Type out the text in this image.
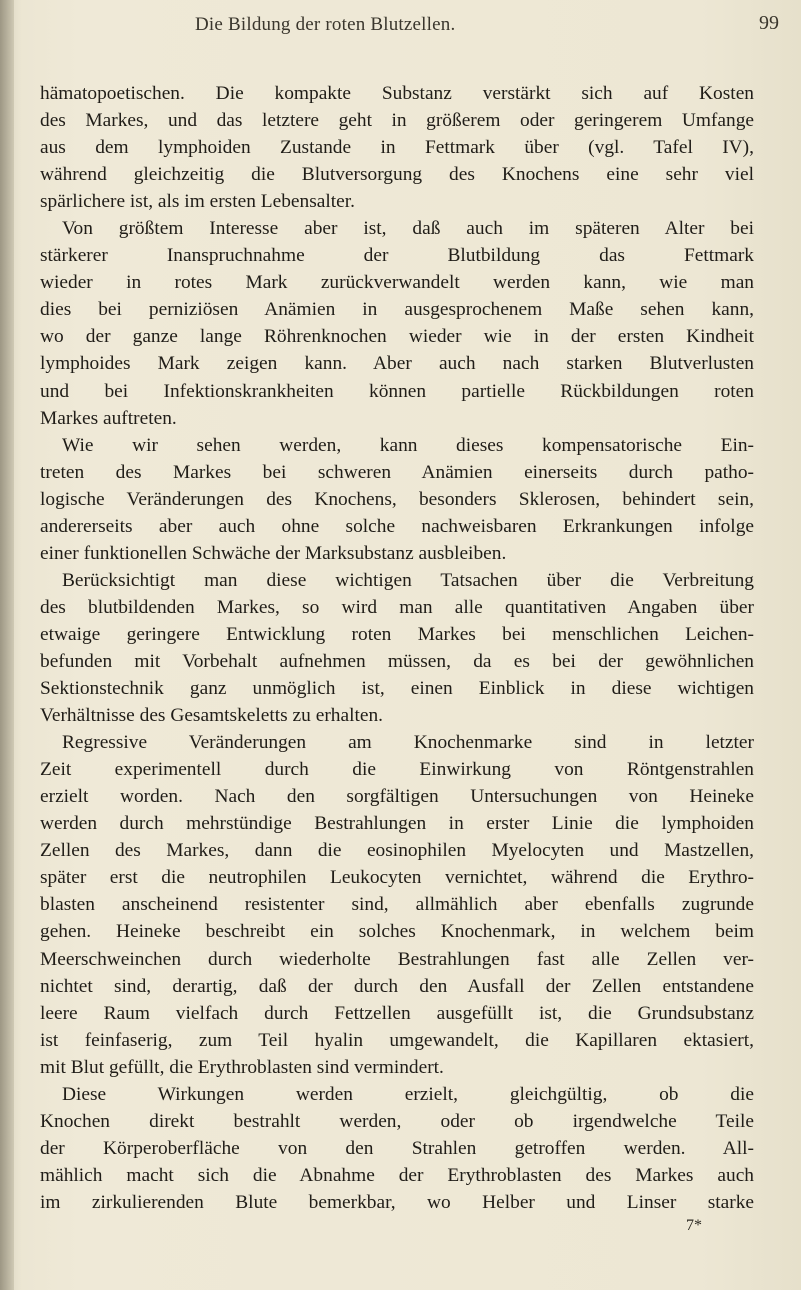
Die Bildung der roten Blutzellen.	99
hämatopoetischen. Die kompakte Substanz verstärkt sich auf Kosten
des Markes, und das letztere geht in größerem oder geringerem Umfange
aus dem lymphoiden Zustande in Fettmark über (vgl. Tafel IV),
während gleichzeitig die Blutversorgung des Knochens eine sehr viel
spärlichere ist, als im ersten Lebensalter.
Von größtem Interesse aber ist, daß auch im späteren Alter bei
stärkerer Inanspruchnahme der Blutbildung das Fettmark
wieder in rotes Mark zurückverwandelt werden kann, wie man
dies bei perniziösen Anämien in ausgesprochenem Maße sehen kann,
wo der ganze lange Röhrenknochen wieder wie in der ersten Kindheit
lymphoides Mark zeigen kann. Aber auch nach starken Blutverlusten
und bei Infektionskrankheiten können partielle Rückbildungen roten
Markes auftreten.
Wie wir sehen werden, kann dieses kompensatorische Ein-
treten des Markes bei schweren Anämien einerseits durch patho-
logische Veränderungen des Knochens, besonders Sklerosen, behindert sein,
andererseits aber auch ohne solche nachweisbaren Erkrankungen infolge
einer funktionellen Schwäche der Marksubstanz ausbleiben.
Berücksichtigt man diese wichtigen Tatsachen über die Verbreitung
des blutbildenden Markes, so wird man alle quantitativen Angaben über
etwaige geringere Entwicklung roten Markes bei menschlichen Leichen-
befunden mit Vorbehalt aufnehmen müssen, da es bei der gewöhnlichen
Sektionstechnik ganz unmöglich ist, einen Einblick in diese wichtigen
Verhältnisse des Gesamtskeletts zu erhalten.
Regressive Veränderungen am Knochenmarke sind in letzter
Zeit experimentell durch die Einwirkung von Röntgenstrahlen
erzielt worden. Nach den sorgfältigen Untersuchungen von Heineke
werden durch mehrstündige Bestrahlungen in erster Linie die lymphoiden
Zellen des Markes, dann die eosinophilen Myelocyten und Mastzellen,
später erst die neutrophilen Leukocyten vernichtet, während die Erythro-
blasten anscheinend resistenter sind, allmählich aber ebenfalls zugrunde
gehen. Heineke beschreibt ein solches Knochenmark, in welchem beim
Meerschweinchen durch wiederholte Bestrahlungen fast alle Zellen ver-
nichtet sind, derartig, daß der durch den Ausfall der Zellen entstandene
leere Raum vielfach durch Fettzellen ausgefüllt ist, die Grundsubstanz
ist feinfaserig, zum Teil hyalin umgewandelt, die Kapillaren ektasiert,
mit Blut gefüllt, die Erythroblasten sind vermindert.
Diese Wirkungen werden erzielt, gleichgültig, ob die
Knochen direkt bestrahlt werden, oder ob irgendwelche Teile
der Körperoberfläche von den Strahlen getroffen werden. All-
mählich macht sich die Abnahme der Erythroblasten des Markes auch
im zirkulierenden Blute bemerkbar, wo Helber und Linser starke
7*
